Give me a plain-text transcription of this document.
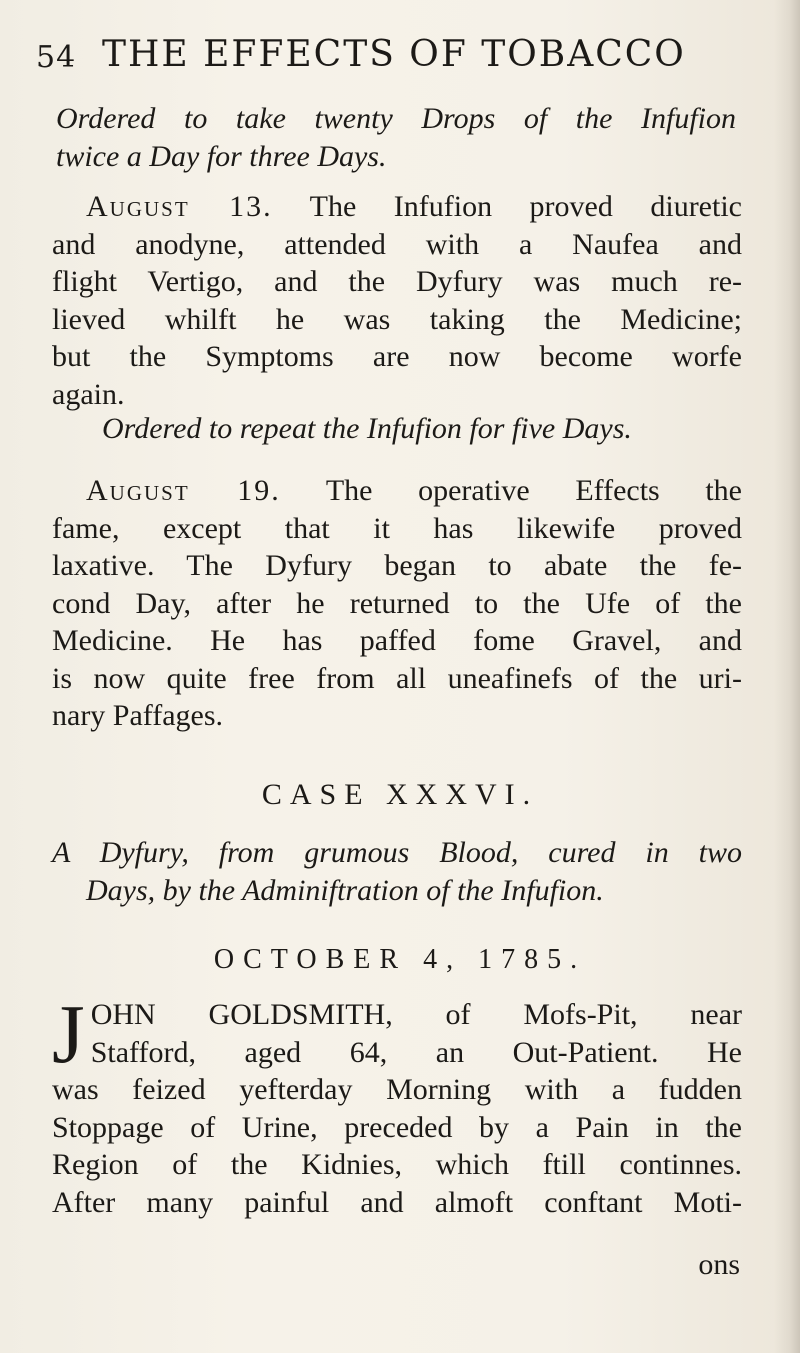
54 THE EFFECTS OF TOBACCO
Ordered to take twenty Drops of the Infufion
twice a Day for three Days.
August 13. The Infufion proved diuretic
and anodyne, attended with a Naufea and
flight Vertigo, and the Dyfury was much re-
lieved whilft he was taking the Medicine;
but the Symptoms are now become worfe
again.
Ordered to repeat the Infufion for five Days.
August 19. The operative Effects the
fame, except that it has likewife proved
laxative. The Dyfury began to abate the fe-
cond Day, after he returned to the Ufe of the
Medicine. He has paffed fome Gravel, and
is now quite free from all uneafinefs of the uri-
nary Paffages.
CASE XXXVI.
A Dyfury, from grumous Blood, cured in two
Days, by the Adminiftration of the Infufion.
OCTOBER 4, 1785.
J OHN GOLDSMITH, of Mofs-Pit, near
Stafford, aged 64, an Out-Patient. He
was feized yefterday Morning with a fudden
Stoppage of Urine, preceded by a Pain in the
Region of the Kidnies, which ftill continnes.
After many painful and almoft conftant Moti-
ons
